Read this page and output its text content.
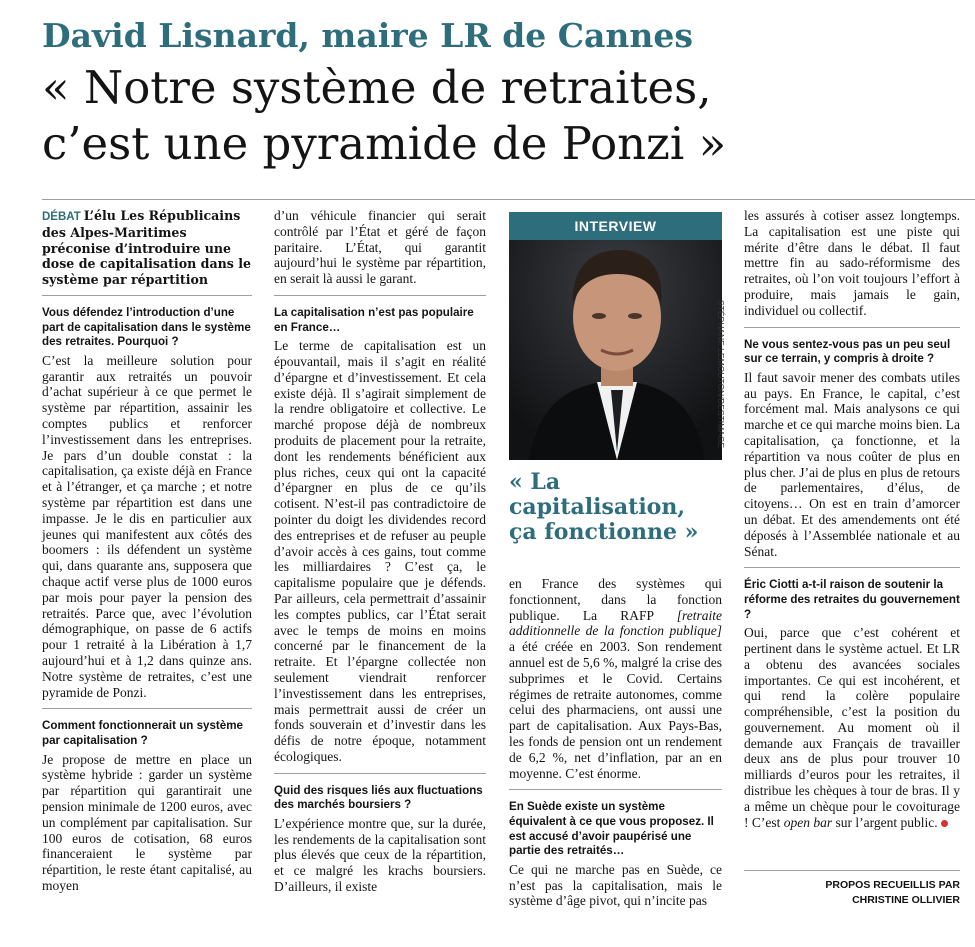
David Lisnard, maire LR de Cannes
« Notre système de retraites,
c’est une pyramide de Ponzi »

DÉBAT L’élu Les Républicains des Alpes-Maritimes préconise d’introduire une dose de capitalisation dans le système par répartition

Vous défendez l’introduction d’une part de capitalisation dans le système des retraites. Pourquoi ?

C’est la meilleure solution pour garantir aux retraités un pouvoir d’achat supérieur à ce que permet le système par répartition, assainir les comptes publics et renforcer l’investissement dans les entreprises. Je pars d’un double constat : la capitalisation, ça existe déjà en France et à l’étranger, et ça marche ; et notre système par répartition est dans une impasse. Je le dis en particulier aux jeunes qui manifestent aux côtés des boomers : ils défendent un système qui, dans quarante ans, supposera que chaque actif verse plus de 1000 euros par mois pour payer la pension des retraités. Parce que, avec l’évolution démographique, on passe de 6 actifs pour 1 retraité à la Libération à 1,7 aujourd’hui et à 1,2 dans quinze ans. Notre système de retraites, c’est une pyramide de Ponzi.

Comment fonctionnerait un système par capitalisation ?

Je propose de mettre en place un système hybride : garder un système par répartition qui garantirait une pension minimale de 1200 euros, avec un complément par capitalisation. Sur 100 euros de cotisation, 68 euros financeraient le système par répartition, le reste étant capitalisé, au moyen

d’un véhicule financier qui serait contrôlé par l’État et géré de façon paritaire. L’État, qui garantit aujourd’hui le système par répartition, en serait là aussi le garant.

La capitalisation n’est pas populaire en France…

Le terme de capitalisation est un épouvantail, mais il s’agit en réalité d’épargne et d’investissement. Et cela existe déjà. Il s’agirait simplement de la rendre obligatoire et collective. Le marché propose déjà de nombreux produits de placement pour la retraite, dont les rendements bénéficient aux plus riches, ceux qui ont la capacité d’épargner en plus de ce qu’ils cotisent. N’est-il pas contradictoire de pointer du doigt les dividendes record des entreprises et de refuser au peuple d’avoir accès à ces gains, tout comme les milliardaires ? C’est ça, le capitalisme populaire que je défends. Par ailleurs, cela permettrait d’assainir les comptes publics, car l’État serait avec le temps de moins en moins concerné par le financement de la retraite. Et l’épargne collectée non seulement viendrait renforcer l’investissement dans les entreprises, mais permettrait aussi de créer un fonds souverain et d’investir dans les défis de notre époque, notamment écologiques.

Quid des risques liés aux fluctuations des marchés boursiers ?

L’expérience montre que, sur la durée, les rendements de la capitalisation sont plus élevés que ceux de la répartition, et ce malgré les krachs boursiers. D’ailleurs, il existe

INTERVIEW
STÉPHANE LEMOUTON/BESTIMAGE
« La
capitalisation,
ça fonctionne »

en France des systèmes qui fonctionnent, dans la fonction publique. La RAFP [retraite additionnelle de la fonction publique] a été créée en 2003. Son rendement annuel est de 5,6 %, malgré la crise des subprimes et le Covid. Certains régimes de retraite autonomes, comme celui des pharmaciens, ont aussi une part de capitalisation. Aux Pays-Bas, les fonds de pension ont un rendement de 6,2 %, net d’inflation, par an en moyenne. C’est énorme.

En Suède existe un système équivalent à ce que vous proposez. Il est accusé d’avoir paupérisé une partie des retraités…

Ce qui ne marche pas en Suède, ce n’est pas la capitalisation, mais le système d’âge pivot, qui n’incite pas

les assurés à cotiser assez longtemps. La capitalisation est une piste qui mérite d’être dans le débat. Il faut mettre fin au sado-réformisme des retraites, où l’on voit toujours l’effort à produire, mais jamais le gain, individuel ou collectif.

Ne vous sentez-vous pas un peu seul sur ce terrain, y compris à droite ?

Il faut savoir mener des combats utiles au pays. En France, le capital, c’est forcément mal. Mais analysons ce qui marche et ce qui marche moins bien. La capitalisation, ça fonctionne, et la répartition va nous coûter de plus en plus cher. J’ai de plus en plus de retours de parlementaires, d’élus, de citoyens… On est en train d’amorcer un débat. Et des amendements ont été déposés à l’Assemblée nationale et au Sénat.

Éric Ciotti a-t-il raison de soutenir la réforme des retraites du gouvernement ?

Oui, parce que c’est cohérent et pertinent dans le système actuel. Et LR a obtenu des avancées sociales importantes. Ce qui est incohérent, et qui rend la colère populaire compréhensible, c’est la position du gouvernement. Au moment où il demande aux Français de travailler deux ans de plus pour trouver 10 milliards d’euros pour les retraites, il distribue les chèques à tour de bras. Il y a même un chèque pour le covoiturage ! C’est open bar sur l’argent public.

PROPOS RECUEILLIS PAR
CHRISTINE OLLIVIER
